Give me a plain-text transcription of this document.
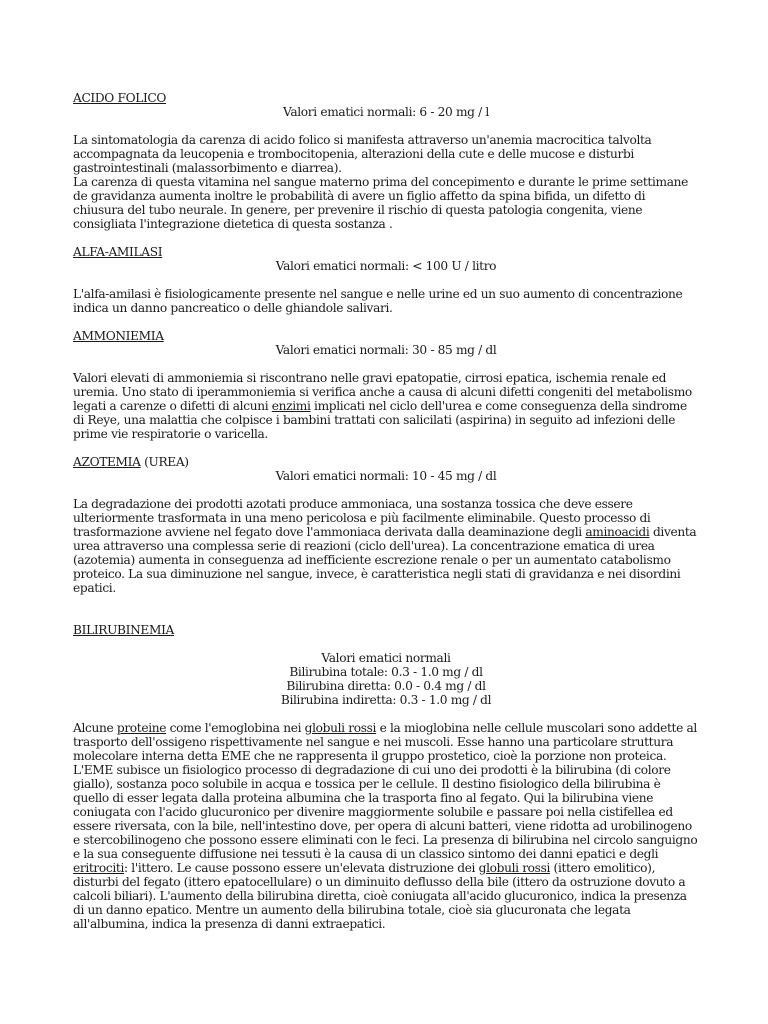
ACIDO FOLICO
Valori ematici normali: 6 - 20 mg / l

La sintomatologia da carenza di acido folico si manifesta attraverso un'anemia macrocitica talvolta accompagnata da leucopenia e trombocitopenia, alterazioni della cute e delle mucose e disturbi gastrointestinali (malassorbimento e diarrea).

La carenza di questa vitamina nel sangue materno prima del concepimento e durante le prime settimane de gravidanza aumenta inoltre le probabilità di avere un figlio affetto da spina bifida, un difetto di chiusura del tubo neurale. In genere, per prevenire il rischio di questa patologia congenita, viene consigliata l'integrazione dietetica di questa sostanza .

ALFA-AMILASI
Valori ematici normali: < 100 U / litro

L'alfa-amilasi è fisiologicamente presente nel sangue e nelle urine ed un suo aumento di concentrazione indica un danno pancreatico o delle ghiandole salivari.

AMMONIEMIA
Valori ematici normali: 30 - 85 mg / dl

Valori elevati di ammoniemia si riscontrano nelle gravi epatopatie, cirrosi epatica, ischemia renale ed uremia. Uno stato di iperammoniemia si verifica anche a causa di alcuni difetti congeniti del metabolismo legati a carenze o difetti di alcuni enzimi implicati nel ciclo dell'urea e come conseguenza della sindrome di Reye, una malattia che colpisce i bambini trattati con salicilati (aspirina) in seguito ad infezioni delle prime vie respiratorie o varicella.

AZOTEMIA (UREA)
Valori ematici normali: 10 - 45 mg / dl

La degradazione dei prodotti azotati produce ammoniaca, una sostanza tossica che deve essere ulteriormente trasformata in una meno pericolosa e più facilmente eliminabile. Questo processo di trasformazione avviene nel fegato dove l'ammoniaca derivata dalla deaminazione degli aminoacidi diventa urea attraverso una complessa serie di reazioni (ciclo dell'urea). La concentrazione ematica di urea (azotemia) aumenta in conseguenza ad inefficiente escrezione renale o per un aumentato catabolismo proteico. La sua diminuzione nel sangue, invece, è caratteristica negli stati di gravidanza e nei disordini epatici.

BILIRUBINEMIA
Valori ematici normali
Bilirubina totale: 0.3 - 1.0 mg / dl
Bilirubina diretta: 0.0 - 0.4 mg / dl
Bilirubina indiretta: 0.3 - 1.0 mg / dl

Alcune proteine come l'emoglobina nei globuli rossi e la mioglobina nelle cellule muscolari sono addette al trasporto dell'ossigeno rispettivamente nel sangue e nei muscoli. Esse hanno una particolare struttura molecolare interna detta EME che ne rappresenta il gruppo prostetico, cioè la porzione non proteica. L'EME subisce un fisiologico processo di degradazione di cui uno dei prodotti è la bilirubina (di colore giallo), sostanza poco solubile in acqua e tossica per le cellule. Il destino fisiologico della bilirubina è quello di esser legata dalla proteina albumina che la trasporta fino al fegato. Qui la bilirubina viene coniugata con l'acido glucuronico per divenire maggiormente solubile e passare poi nella cistifellea ed essere riversata, con la bile, nell'intestino dove, per opera di alcuni batteri, viene ridotta ad urobilinogeno e stercobilinogeno che possono essere eliminati con le feci. La presenza di bilirubina nel circolo sanguigno e la sua conseguente diffusione nei tessuti è la causa di un classico sintomo dei danni epatici e degli eritrociti: l'ittero. Le cause possono essere un'elevata distruzione dei globuli rossi (ittero emolitico), disturbi del fegato (ittero epatocellulare) o un diminuito deflusso della bile (ittero da ostruzione dovuto a calcoli biliari). L'aumento della bilirubina diretta, cioè coniugata all'acido glucuronico, indica la presenza di un danno epatico. Mentre un aumento della bilirubina totale, cioè sia glucuronata che legata all'albumina, indica la presenza di danni extraepatici.
